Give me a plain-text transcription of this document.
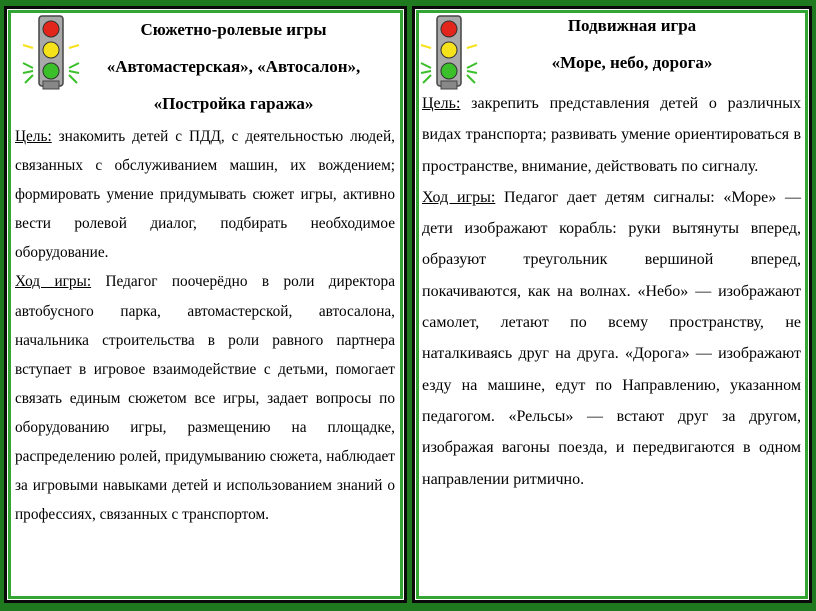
Сюжетно-ролевые игры
«Автомастерская», «Автосалон»,
«Постройка гаража»

Цель: знакомить детей с ПДД, с деятельностью людей, связанных с обслуживанием машин, их вождением; формировать умение придумывать сюжет игры, активно вести ролевой диалог, подбирать необходимое оборудование.

Ход игры: Педагог поочерёдно в роли директора автобусного парка, автомастерской, автосалона, начальника строительства в роли равного партнера вступает в игровое взаимодействие с детьми, помогает связать единым сюжетом все игры, задает вопросы по оборудованию игры, размещению на площадке, распределению ролей, придумыванию сюжета, наблюдает за игровыми навыками детей и использованием знаний о профессиях, связанных с транспортом.

Подвижная игра
«Море, небо, дорога»

Цель: закрепить представления детей о различных видах транспорта; развивать умение ориентироваться в пространстве, внимание, действовать по сигналу.

Ход игры: Педагог дает детям сигналы: «Море» — дети изображают корабль: руки вытянуты вперед, образуют треугольник вершиной вперед, покачиваются, как на волнах. «Небо» — изображают самолет, летают по всему пространству, не наталкиваясь друг на друга. «Дорога» — изображают езду на машине, едут по Направлению, указанном педагогом. «Рельсы» — встают друг за другом, изображая вагоны поезда, и передвигаются в одном направлении ритмично.
